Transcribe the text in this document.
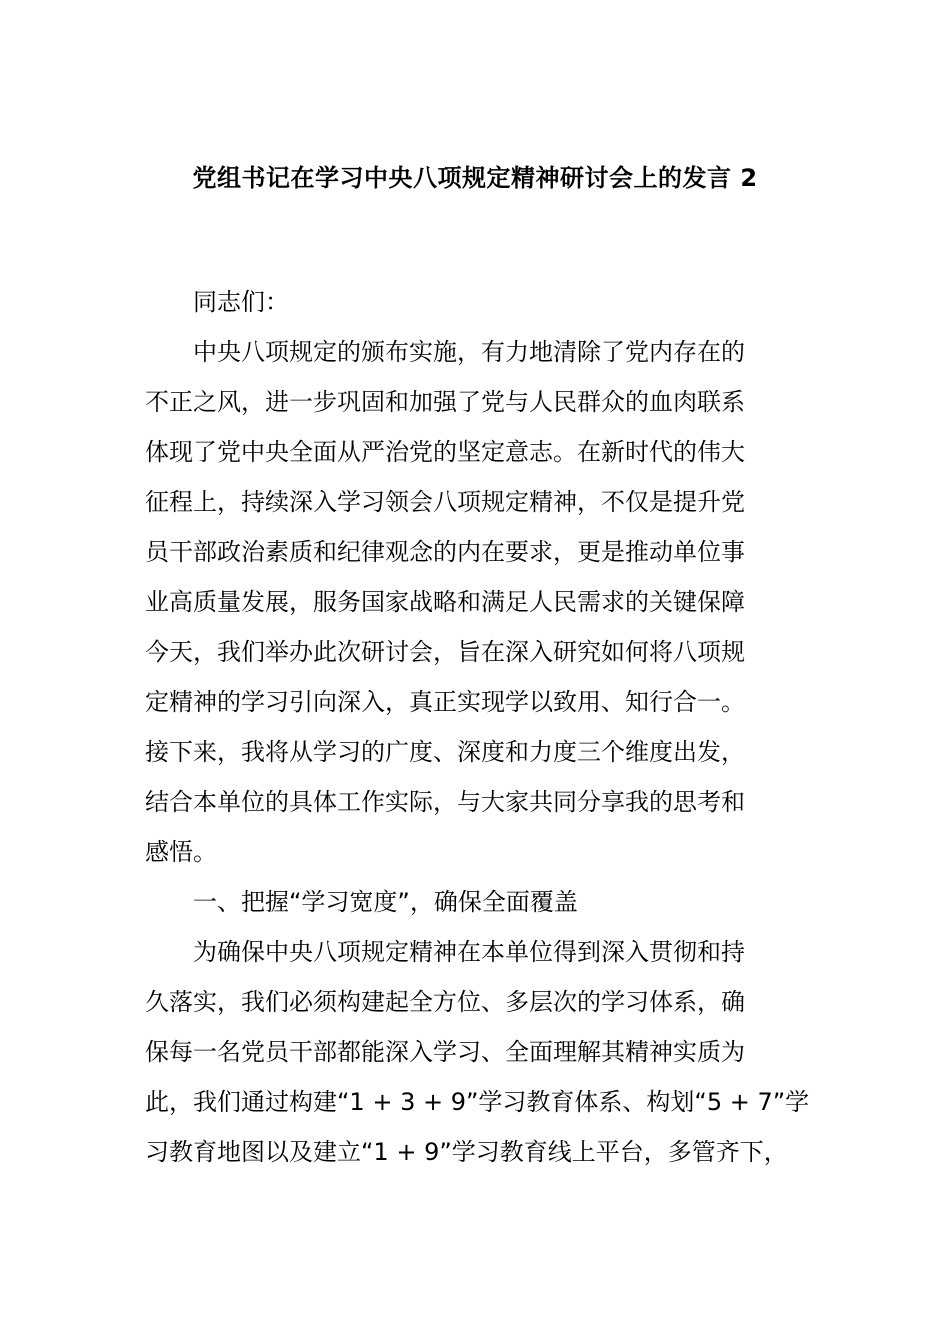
党组书记在学习中央八项规定精神研讨会上的发言 2
同志们：
中央八项规定的颁布实施，有力地清除了党内存在的
不正之风，进一步巩固和加强了党与人民群众的血肉联系
体现了党中央全面从严治党的坚定意志。在新时代的伟大
征程上，持续深入学习领会八项规定精神，不仅是提升党
员干部政治素质和纪律观念的内在要求，更是推动单位事
业高质量发展，服务国家战略和满足人民需求的关键保障
今天，我们举办此次研讨会，旨在深入研究如何将八项规
定精神的学习引向深入，真正实现学以致用、知行合一。
接下来，我将从学习的广度、深度和力度三个维度出发，
结合本单位的具体工作实际，与大家共同分享我的思考和
感悟。
一、把握“学习宽度”，确保全面覆盖
为确保中央八项规定精神在本单位得到深入贯彻和持
久落实，我们必须构建起全方位、多层次的学习体系，确
保每一名党员干部都能深入学习、全面理解其精神实质为
此，我们通过构建“1 + 3 + 9”学习教育体系、构划“5 + 7”学
习教育地图以及建立“1 + 9”学习教育线上平台，多管齐下，
